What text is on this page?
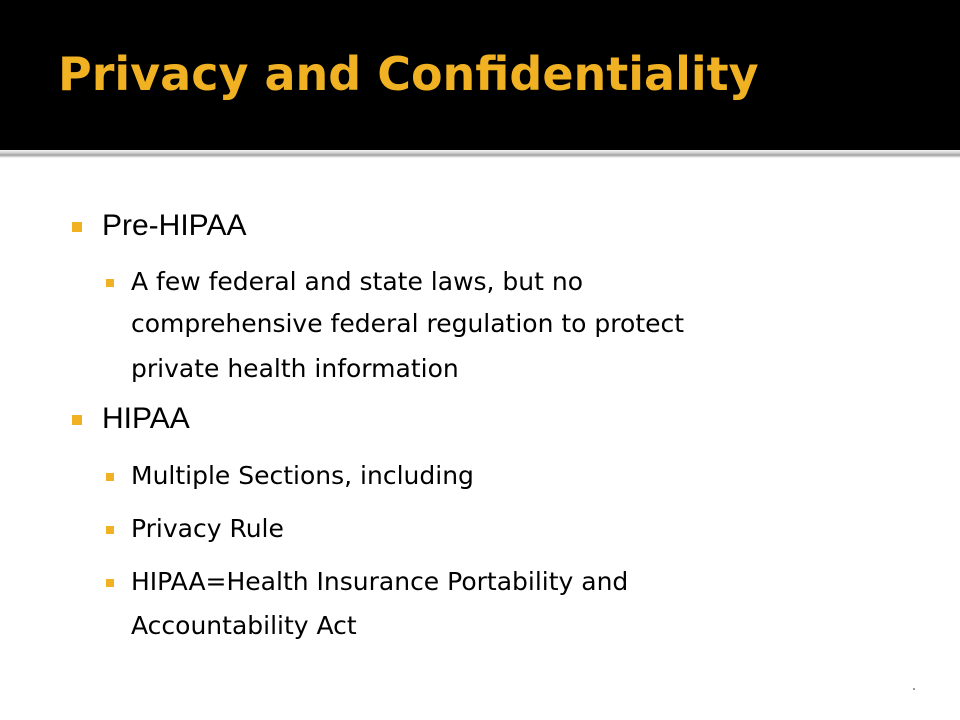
Privacy and Confidentiality
Pre-HIPAA
A few federal and state laws, but no
comprehensive federal regulation to protect
private health information
HIPAA
Multiple Sections, including
Privacy Rule
HIPAA=Health Insurance Portability and
Accountability Act
